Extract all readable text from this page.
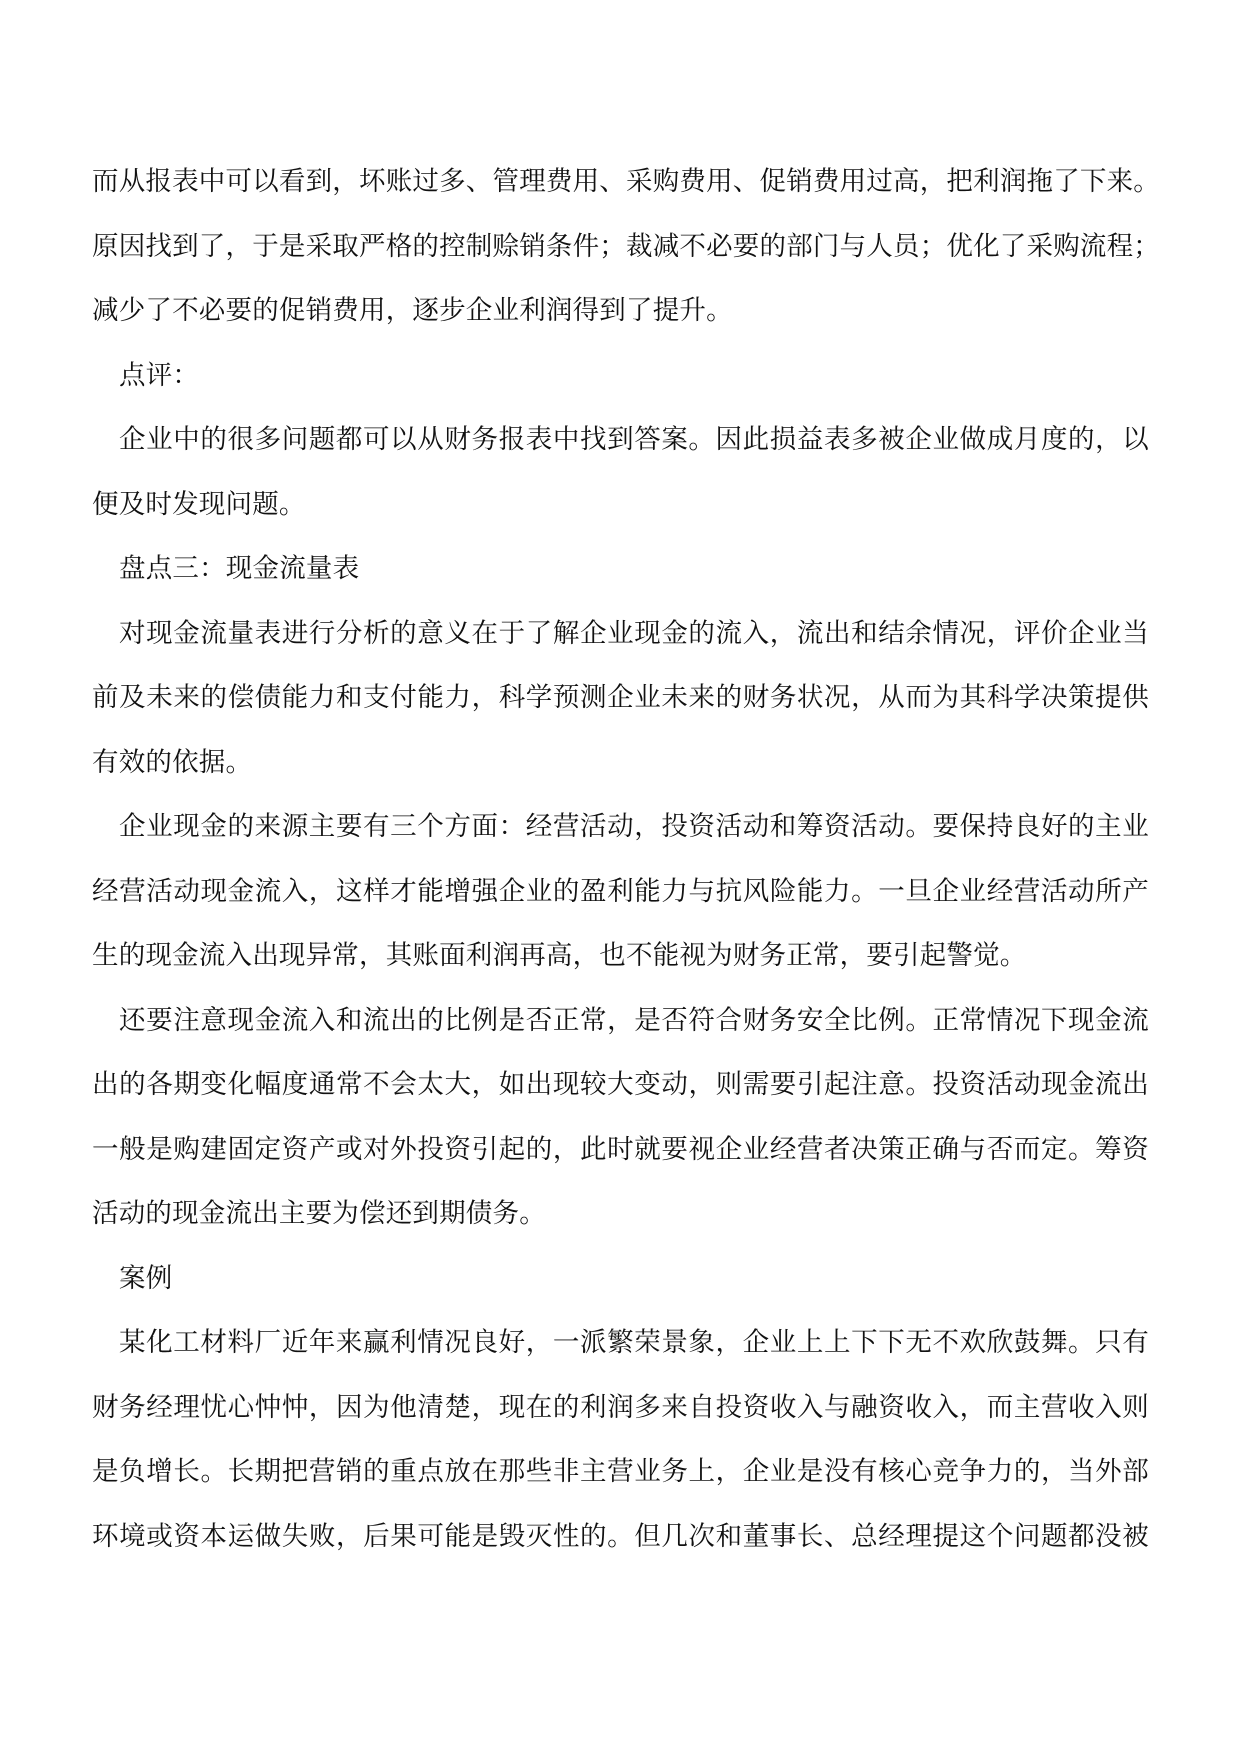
而从报表中可以看到，坏账过多、管理费用、采购费用、促销费用过高，把利润拖了下来。
原因找到了，于是采取严格的控制赊销条件；裁减不必要的部门与人员；优化了采购流程；
减少了不必要的促销费用，逐步企业利润得到了提升。
点评：
企业中的很多问题都可以从财务报表中找到答案。因此损益表多被企业做成月度的，以
便及时发现问题。
盘点三：现金流量表
对现金流量表进行分析的意义在于了解企业现金的流入，流出和结余情况，评价企业当
前及未来的偿债能力和支付能力，科学预测企业未来的财务状况，从而为其科学决策提供
有效的依据。
企业现金的来源主要有三个方面：经营活动，投资活动和筹资活动。要保持良好的主业
经营活动现金流入，这样才能增强企业的盈利能力与抗风险能力。一旦企业经营活动所产
生的现金流入出现异常，其账面利润再高，也不能视为财务正常，要引起警觉。
还要注意现金流入和流出的比例是否正常，是否符合财务安全比例。正常情况下现金流
出的各期变化幅度通常不会太大，如出现较大变动，则需要引起注意。投资活动现金流出
一般是购建固定资产或对外投资引起的，此时就要视企业经营者决策正确与否而定。筹资
活动的现金流出主要为偿还到期债务。
案例
某化工材料厂近年来赢利情况良好，一派繁荣景象，企业上上下下无不欢欣鼓舞。只有
财务经理忧心忡忡，因为他清楚，现在的利润多来自投资收入与融资收入，而主营收入则
是负增长。长期把营销的重点放在那些非主营业务上，企业是没有核心竞争力的，当外部
环境或资本运做失败，后果可能是毁灭性的。但几次和董事长、总经理提这个问题都没被
